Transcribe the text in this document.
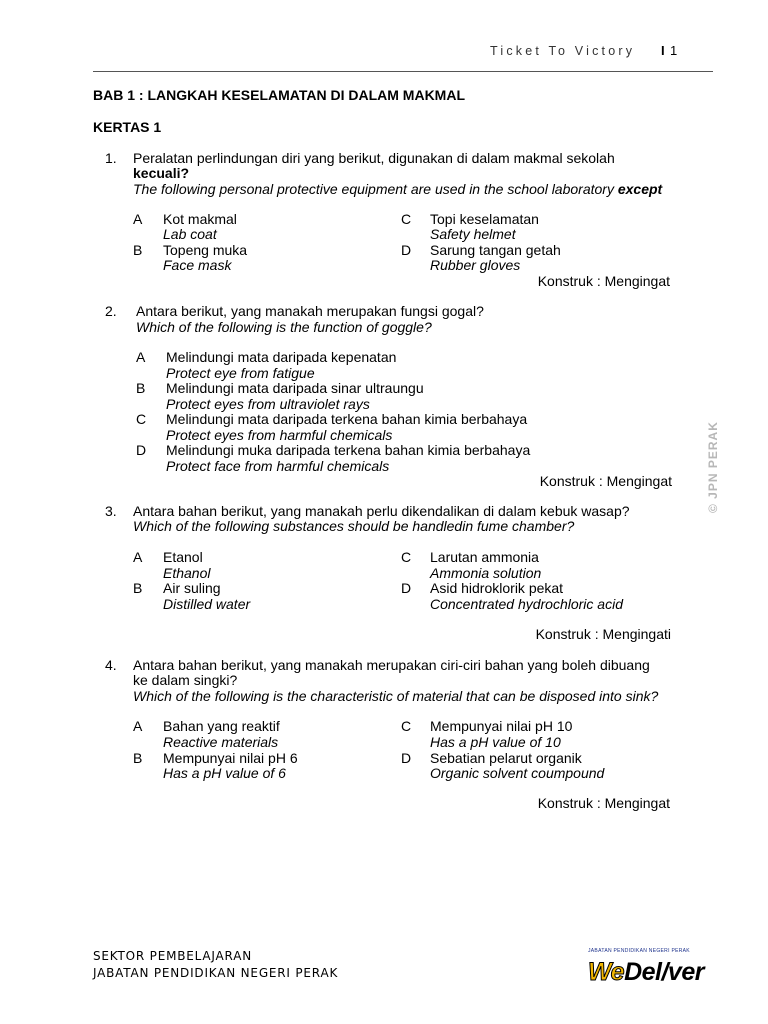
Ticket To Victory I 1
BAB 1 : LANGKAH KESELAMATAN DI DALAM MAKMAL
KERTAS 1
1. Peralatan perlindungan diri yang berikut, digunakan di dalam makmal sekolah
kecuali?
The following personal protective equipment are used in the school laboratory except
A Kot makmal
Lab coat
B Topeng muka
Face mask
C Topi keselamatan
Safety helmet
D Sarung tangan getah
Rubber gloves
Konstruk : Mengingat
2. Antara berikut, yang manakah merupakan fungsi gogal?
Which of the following is the function of goggle?
A Melindungi mata daripada kepenatan
Protect eye from fatigue
B Melindungi mata daripada sinar ultraungu
Protect eyes from ultraviolet rays
C Melindungi mata daripada terkena bahan kimia berbahaya
Protect eyes from harmful chemicals
D Melindungi muka daripada terkena bahan kimia berbahaya
Protect face from harmful chemicals
Konstruk : Mengingat
3. Antara bahan berikut, yang manakah perlu dikendalikan di dalam kebuk wasap?
Which of the following substances should be handledin fume chamber?
A Etanol
Ethanol
B Air suling
Distilled water
C Larutan ammonia
Ammonia solution
D Asid hidroklorik pekat
Concentrated hydrochloric acid
Konstruk : Mengingati
4. Antara bahan berikut, yang manakah merupakan ciri-ciri bahan yang boleh dibuang
ke dalam singki?
Which of the following is the characteristic of material that can be disposed into sink?
A Bahan yang reaktif
Reactive materials
B Mempunyai nilai pH 6
Has a pH value of 6
C Mempunyai nilai pH 10
Has a pH value of 10
D Sebatian pelarut organik
Organic solvent coumpound
Konstruk : Mengingat
© JPN PERAK
SEKTOR PEMBELAJARAN
JABATAN PENDIDIKAN NEGERI PERAK
JABATAN PENDIDIKAN NEGERI PERAK
WeDel/ver
